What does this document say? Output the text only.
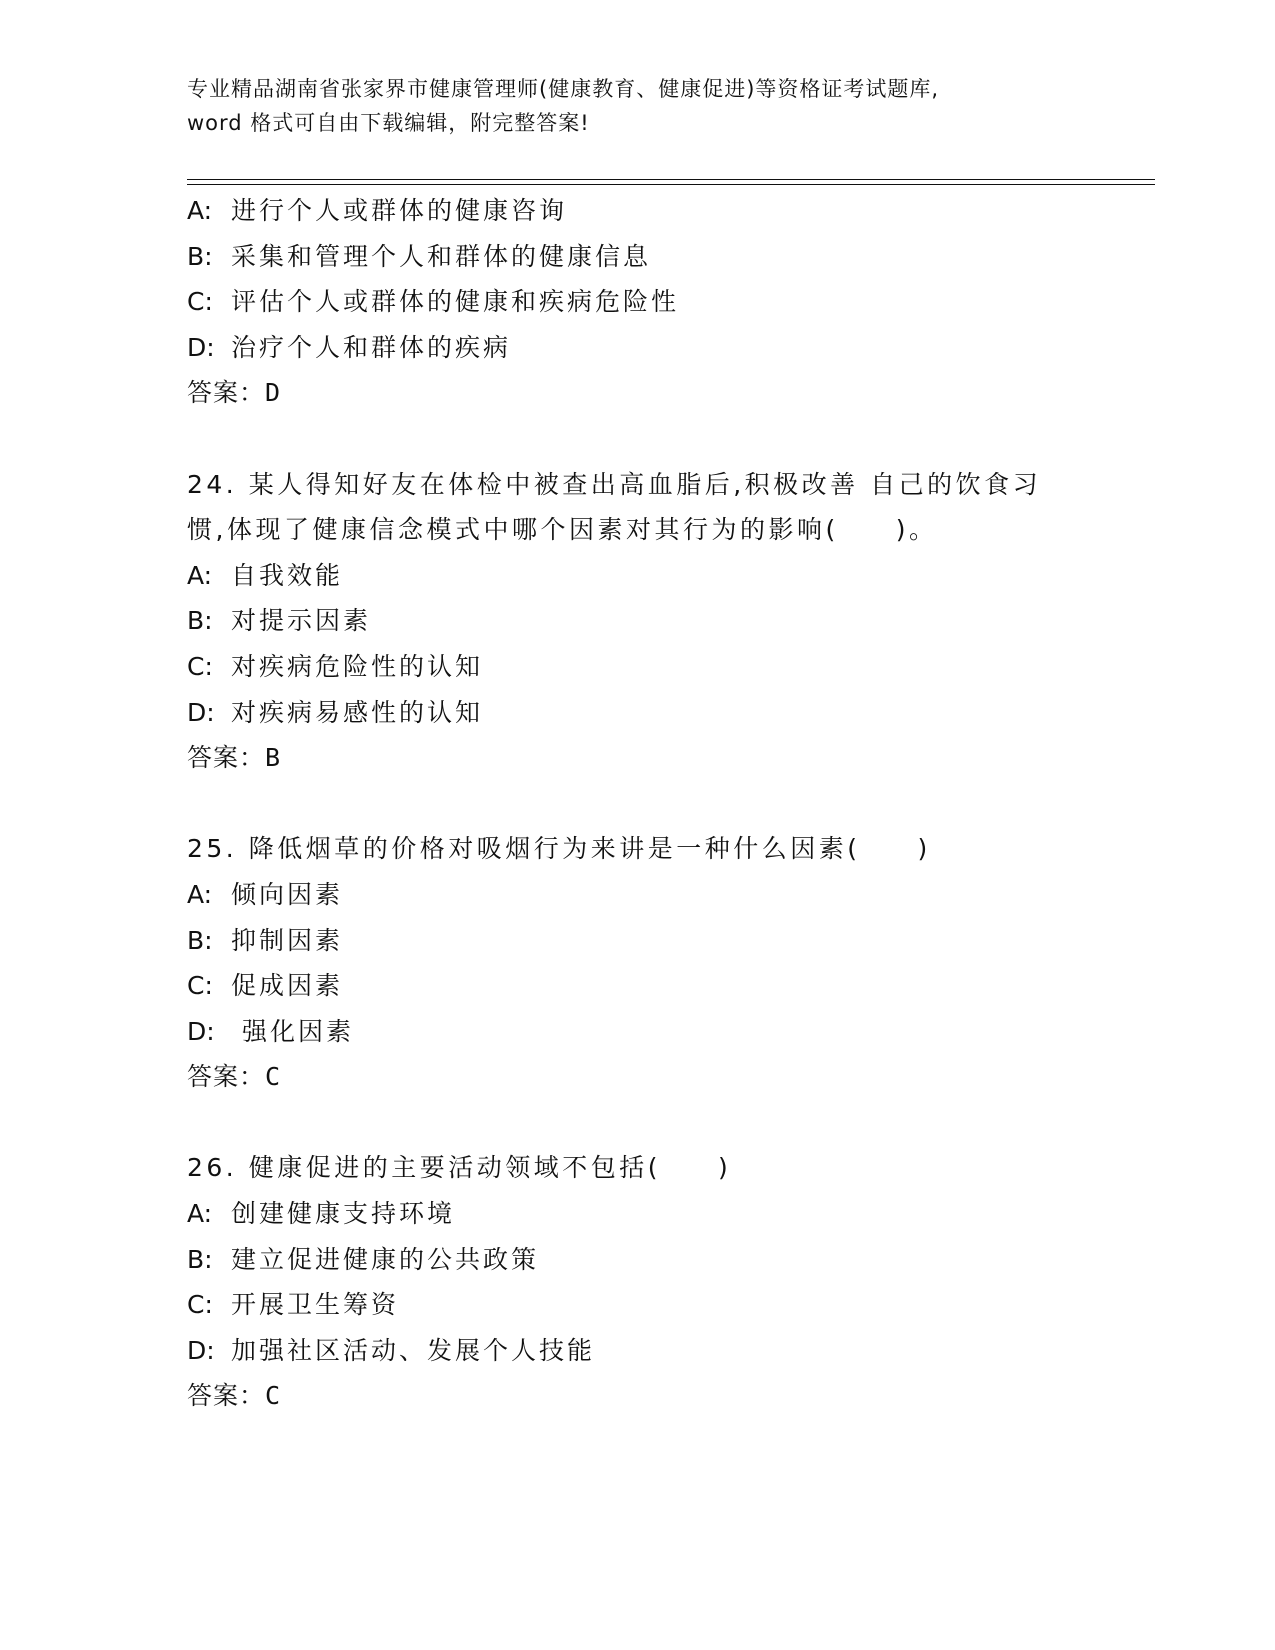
专业精品湖南省张家界市健康管理师(健康教育、健康促进)等资格证考试题库,
word 格式可自由下载编辑，附完整答案!
A: 进行个人或群体的健康咨询
B: 采集和管理个人和群体的健康信息
C: 评估个人或群体的健康和疾病危险性
D: 治疗个人和群体的疾病
答案：D
24. 某人得知好友在体检中被查出高血脂后,积极改善 自己的饮食习
惯,体现了健康信念模式中哪个因素对其行为的影响(　　)。
A: 自我效能
B: 对提示因素
C: 对疾病危险性的认知
D: 对疾病易感性的认知
答案：B
25. 降低烟草的价格对吸烟行为来讲是一种什么因素(　　)
A: 倾向因素
B: 抑制因素
C: 促成因素
D: 强化因素
答案：C
26. 健康促进的主要活动领域不包括(　　)
A: 创建健康支持环境
B: 建立促进健康的公共政策
C: 开展卫生筹资
D: 加强社区活动、发展个人技能
答案：C
